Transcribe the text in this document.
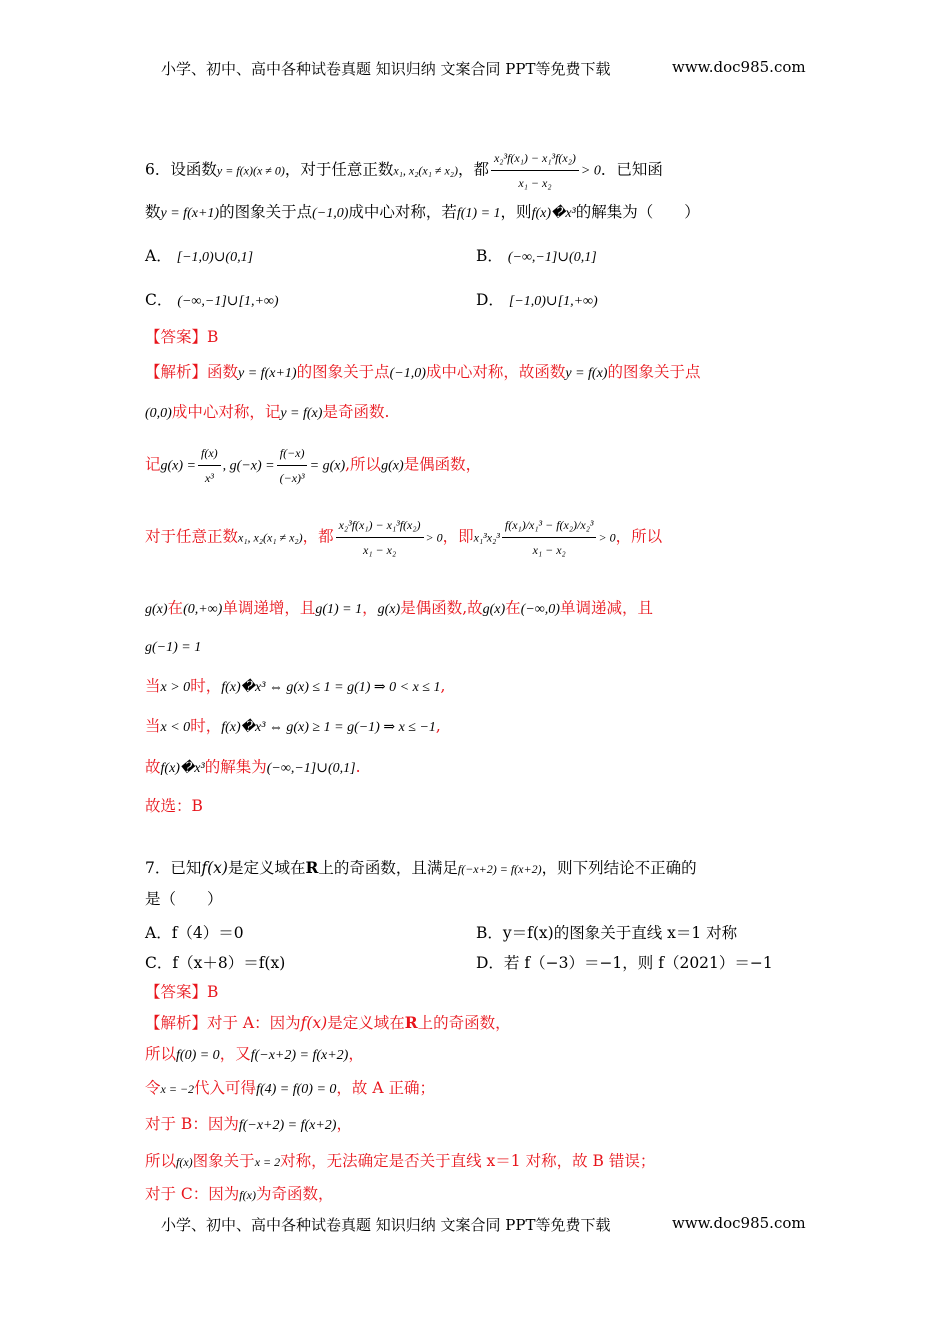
小学、初中、高中各种试卷真题 知识归纳 文案合同 PPT等免费下载	www.doc985.com
小学、初中、高中各种试卷真题 知识归纳 文案合同 PPT等免费下载	www.doc985.com
6．设函数y = f(x)(x ≠ 0)，对于任意正数x₁, x₂(x₁ ≠ x₂)，都 $\frac{\text{x₂³f(x₁) − x₁³f(x₂)}}{\text{x₁ − x₂}} > 0$．已知函
数y = f(x+1)的图象关于点(−1,0)成中心对称，若f(1) = 1，则f(x)�x³的解集为（　　）
A． [−1,0)∪(0,1]	B． (−∞,−1]∪(0,1]
C． (−∞,−1]∪[1,+∞)	D． [−1,0)∪[1,+∞)
【答案】B
【解析】函数y = f(x+1)的图象关于点(−1,0)成中心对称，故函数y = f(x)的图象关于点
(0,0)成中心对称，记y = f(x)是奇函数.
记$g(x) = \frac{f(x)}{\text{x³}}$ , $g(-x) = \frac{f(-x)}{\text{(−x)³}} = g(x)$,所以g(x)是偶函数，
对于任意正数x₁, x₂(x₁ ≠ x₂)，都 $\frac{\text{x₂³f(x₁) − x₁³f(x₂)}}{\text{x₁ − x₂}} > 0$，即$x_1^3x_2^3 \frac{\text{f(x₁)/x₁³ − f(x₂)/x₂³}}{\text{x₁ − x₂}} > 0$，所以
g(x)在(0,+∞)单调递增，且g(1) = 1，g(x)是偶函数,故g(x)在(−∞,0)单调递减，且
g(−1) = 1
当x > 0时，f(x)�x³ ⇔ g(x) ≤ 1 = g(1) ⇒ 0 < x ≤ 1,
当x < 0时，f(x)�x³ ⇔ g(x) ≥ 1 = g(−1) ⇒ x ≤ −1,
故f(x)�x³的解集为(−∞,−1]∪(0,1].
故选：B
7．已知f(x)是定义域在R上的奇函数，且满足f(−x+2) = f(x+2)，则下列结论不正确的
是（　　）
A．f（4）＝0	B．y＝f(x)的图象关于直线 x＝1 对称
C．f（x＋8）＝f(x)	D．若 f（−3）＝−1，则 f（2021）＝−1
【答案】B
【解析】对于 A：因为f(x)是定义域在R上的奇函数，
所以f(0) = 0，又f(−x+2) = f(x+2)，
令x = −2代入可得f(4) = f(0) = 0，故 A 正确；
对于 B：因为f(−x+2) = f(x+2)，
所以f(x)图象关于x = 2对称，无法确定是否关于直线 x＝1 对称，故 B 错误；
对于 C：因为f(x)为奇函数，
